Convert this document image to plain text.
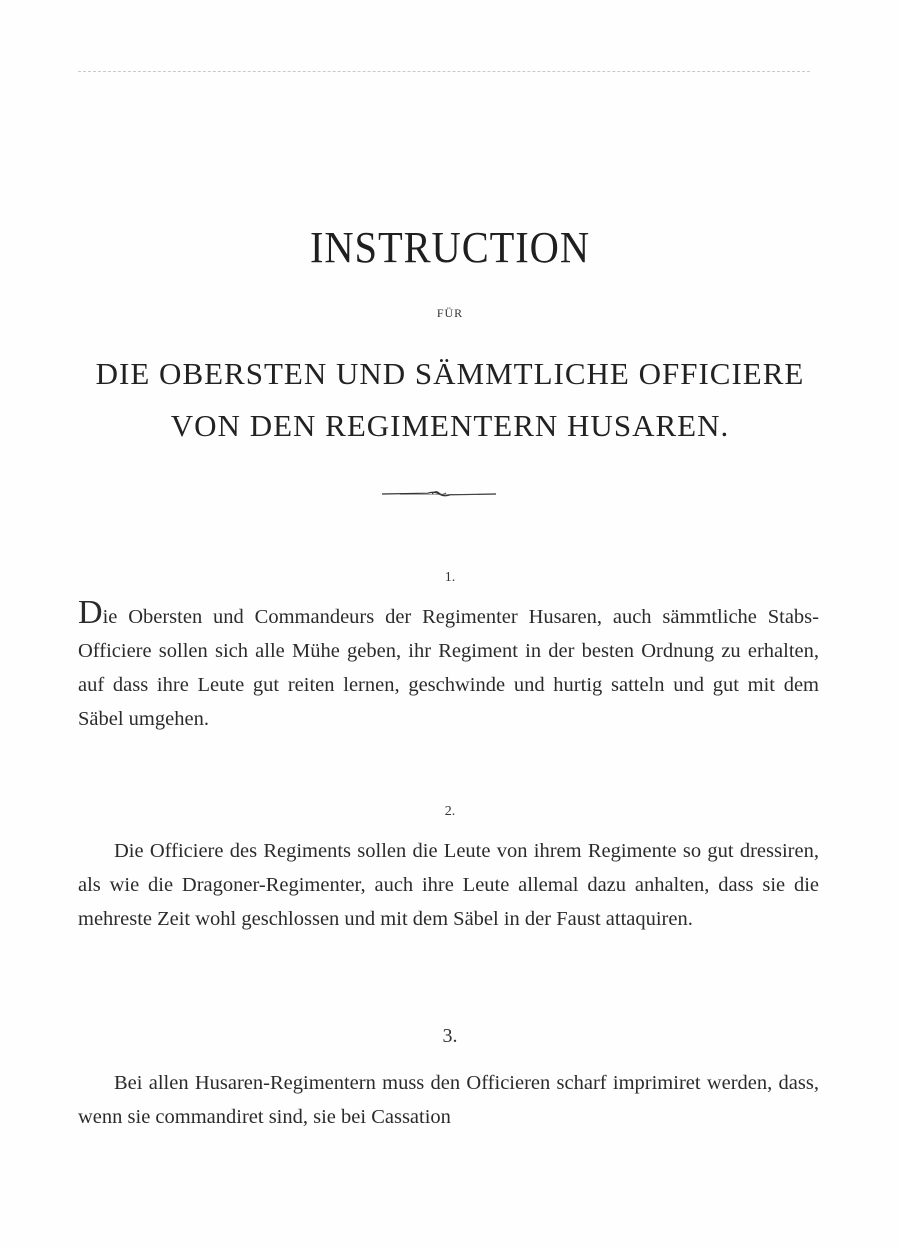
INSTRUCTION
FÜR
DIE OBERSTEN UND SÄMMTLICHE OFFICIERE
VON DEN REGIMENTERN HUSAREN.
1.

Die Obersten und Commandeurs der Regimenter Husaren, auch sämmtliche Stabs-Officiere sollen sich alle Mühe geben, ihr Regiment in der besten Ordnung zu erhalten, auf dass ihre Leute gut reiten lernen, geschwinde und hurtig satteln und gut mit dem Säbel umgehen.

2.

Die Officiere des Regiments sollen die Leute von ihrem Regimente so gut dressiren, als wie die Dragoner-Regimenter, auch ihre Leute allemal dazu anhalten, dass sie die mehreste Zeit wohl geschlossen und mit dem Säbel in der Faust attaquiren.

3.

Bei allen Husaren-Regimentern muss den Officieren scharf imprimiret werden, dass, wenn sie commandiret sind, sie bei Cassation
